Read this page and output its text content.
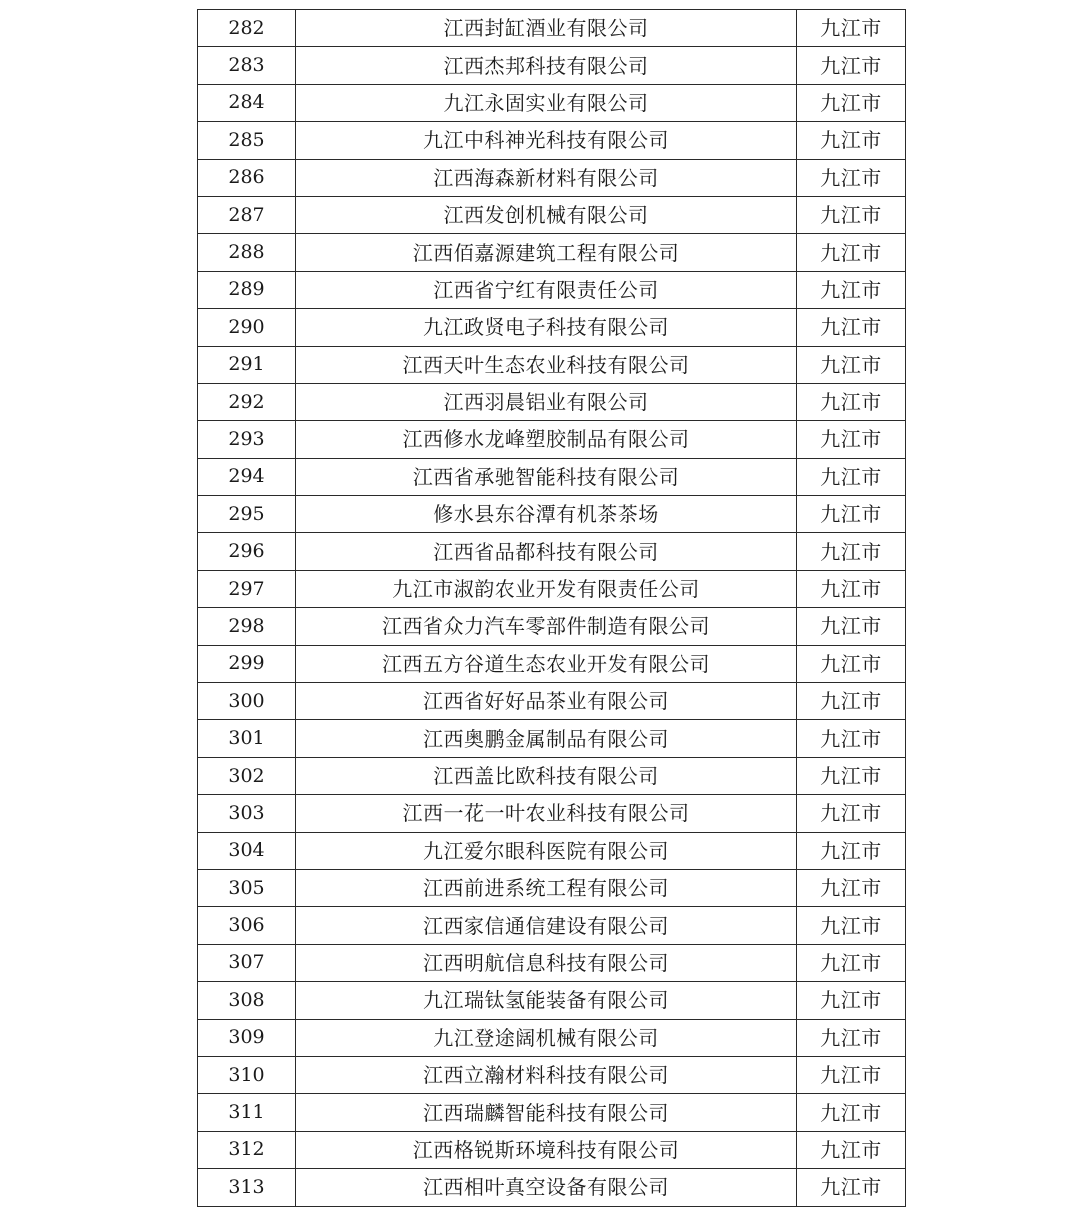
282	江西封缸酒业有限公司	九江市
283	江西杰邦科技有限公司	九江市
284	九江永固实业有限公司	九江市
285	九江中科神光科技有限公司	九江市
286	江西海森新材料有限公司	九江市
287	江西发创机械有限公司	九江市
288	江西佰嘉源建筑工程有限公司	九江市
289	江西省宁红有限责任公司	九江市
290	九江政贤电子科技有限公司	九江市
291	江西天叶生态农业科技有限公司	九江市
292	江西羽晨铝业有限公司	九江市
293	江西修水龙峰塑胶制品有限公司	九江市
294	江西省承驰智能科技有限公司	九江市
295	修水县东谷潭有机茶茶场	九江市
296	江西省品都科技有限公司	九江市
297	九江市淑韵农业开发有限责任公司	九江市
298	江西省众力汽车零部件制造有限公司	九江市
299	江西五方谷道生态农业开发有限公司	九江市
300	江西省好好品茶业有限公司	九江市
301	江西奥鹏金属制品有限公司	九江市
302	江西盖比欧科技有限公司	九江市
303	江西一花一叶农业科技有限公司	九江市
304	九江爱尔眼科医院有限公司	九江市
305	江西前进系统工程有限公司	九江市
306	江西家信通信建设有限公司	九江市
307	江西明航信息科技有限公司	九江市
308	九江瑞钛氢能装备有限公司	九江市
309	九江登途阔机械有限公司	九江市
310	江西立瀚材料科技有限公司	九江市
311	江西瑞麟智能科技有限公司	九江市
312	江西格锐斯环境科技有限公司	九江市
313	江西相叶真空设备有限公司	九江市
